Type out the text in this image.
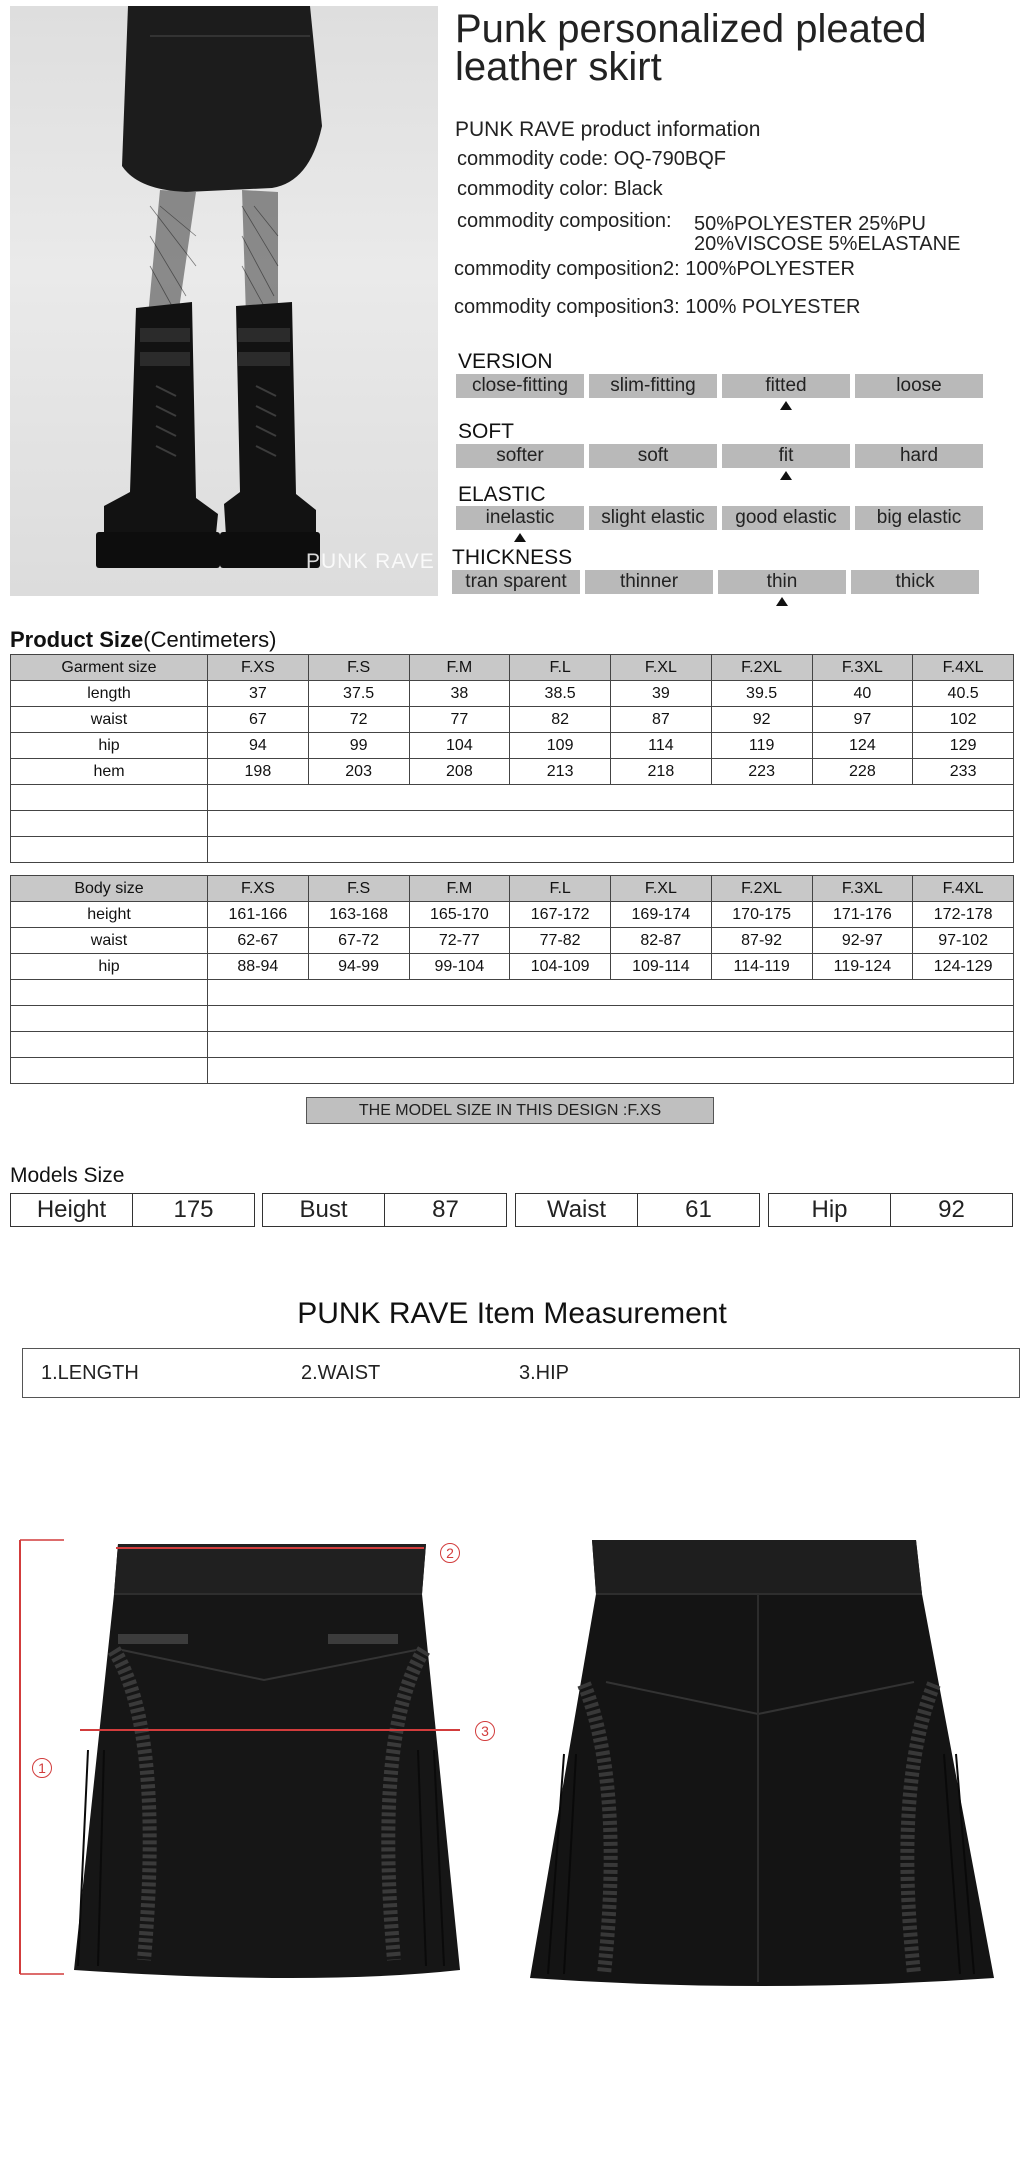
PUNK RAVE
Punk personalized pleated leather skirt
PUNK RAVE product information
commodity code: OQ-790BQF
commodity color: Black
commodity composition: 50%POLYESTER 25%PU
20%VISCOSE 5%ELASTANE
commodity composition2: 100%POLYESTER
commodity composition3: 100% POLYESTER
VERSION
close-fitting	slim-fitting	fitted	loose
SOFT
softer	soft	fit	hard
ELASTIC
inelastic	slight elastic	good elastic	big elastic
THICKNESS
tran sparent	thinner	thin	thick
Product Size(Centimeters)
Garment size	F.XS	F.S	F.M	F.L	F.XL	F.2XL	F.3XL	F.4XL
length	37	37.5	38	38.5	39	39.5	40	40.5
waist	67	72	77	82	87	92	97	102
hip	94	99	104	109	114	119	124	129
hem	198	203	208	213	218	223	228	233

Body size	F.XS	F.S	F.M	F.L	F.XL	F.2XL	F.3XL	F.4XL
height	161-166	163-168	165-170	167-172	169-174	170-175	171-176	172-178
waist	62-67	67-72	72-77	77-82	82-87	87-92	92-97	97-102
hip	88-94	94-99	99-104	104-109	109-114	114-119	119-124	124-129

THE MODEL SIZE IN THIS DESIGN :F.XS
Models Size
Height	175	Bust	87	Waist	61	Hip	92
PUNK RAVE Item Measurement
1.LENGTH	2.WAIST	3.HIP
1
2
3
